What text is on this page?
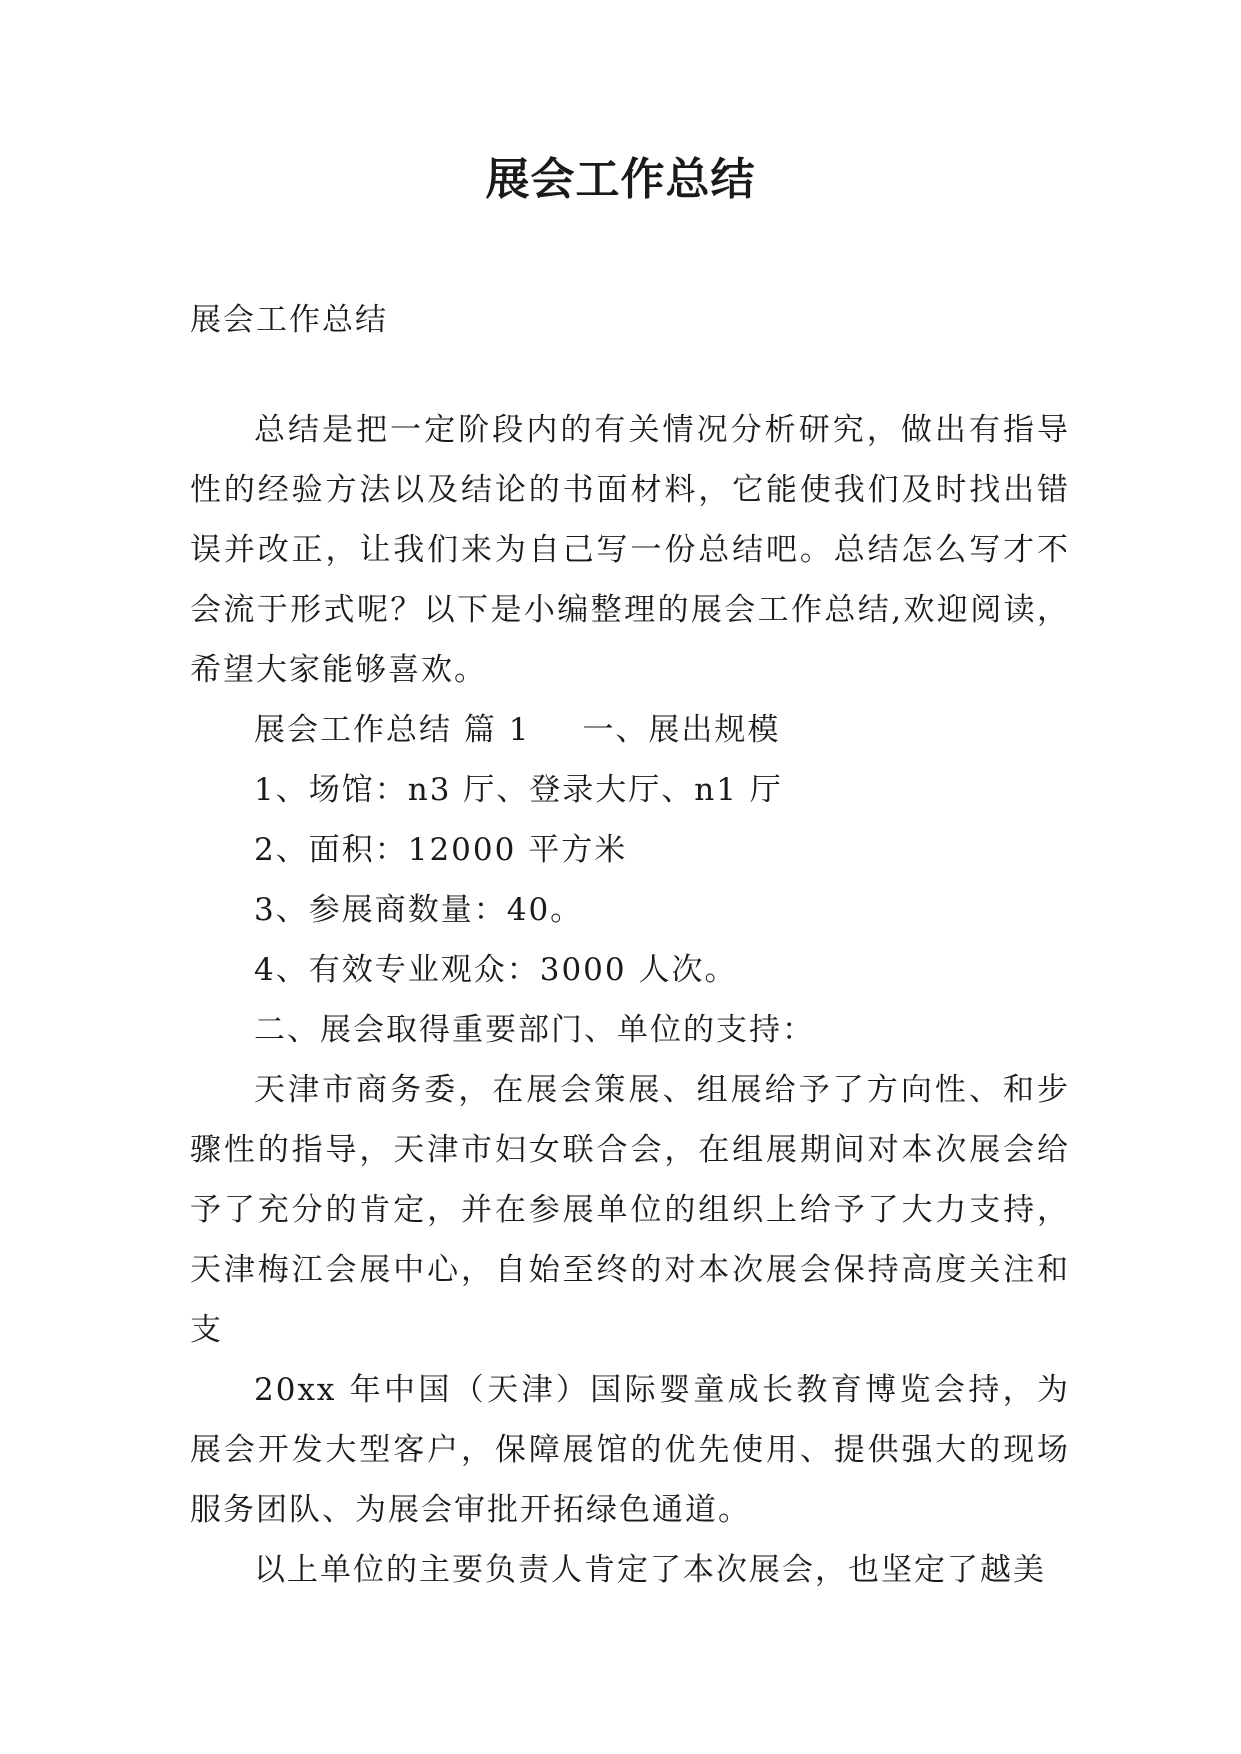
展会工作总结
展会工作总结

总结是把一定阶段内的有关情况分析研究，做出有指导性的经验方法以及结论的书面材料，它能使我们及时找出错误并改正，让我们来为自己写一份总结吧。总结怎么写才不会流于形式呢？以下是小编整理的展会工作总结,欢迎阅读，希望大家能够喜欢。

展会工作总结 篇 1 一、展出规模

1、场馆：n3 厅、登录大厅、n1 厅

2、面积：12000 平方米

3、参展商数量：40。

4、有效专业观众：3000 人次。

二、展会取得重要部门、单位的支持：

天津市商务委，在展会策展、组展给予了方向性、和步骤性的指导，天津市妇女联合会，在组展期间对本次展会给予了充分的肯定，并在参展单位的组织上给予了大力支持，天津梅江会展中心，自始至终的对本次展会保持高度关注和支

20xx 年中国（天津）国际婴童成长教育博览会持，为展会开发大型客户，保障展馆的优先使用、提供强大的现场服务团队、为展会审批开拓绿色通道。

以上单位的主要负责人肯定了本次展会，也坚定了越美
